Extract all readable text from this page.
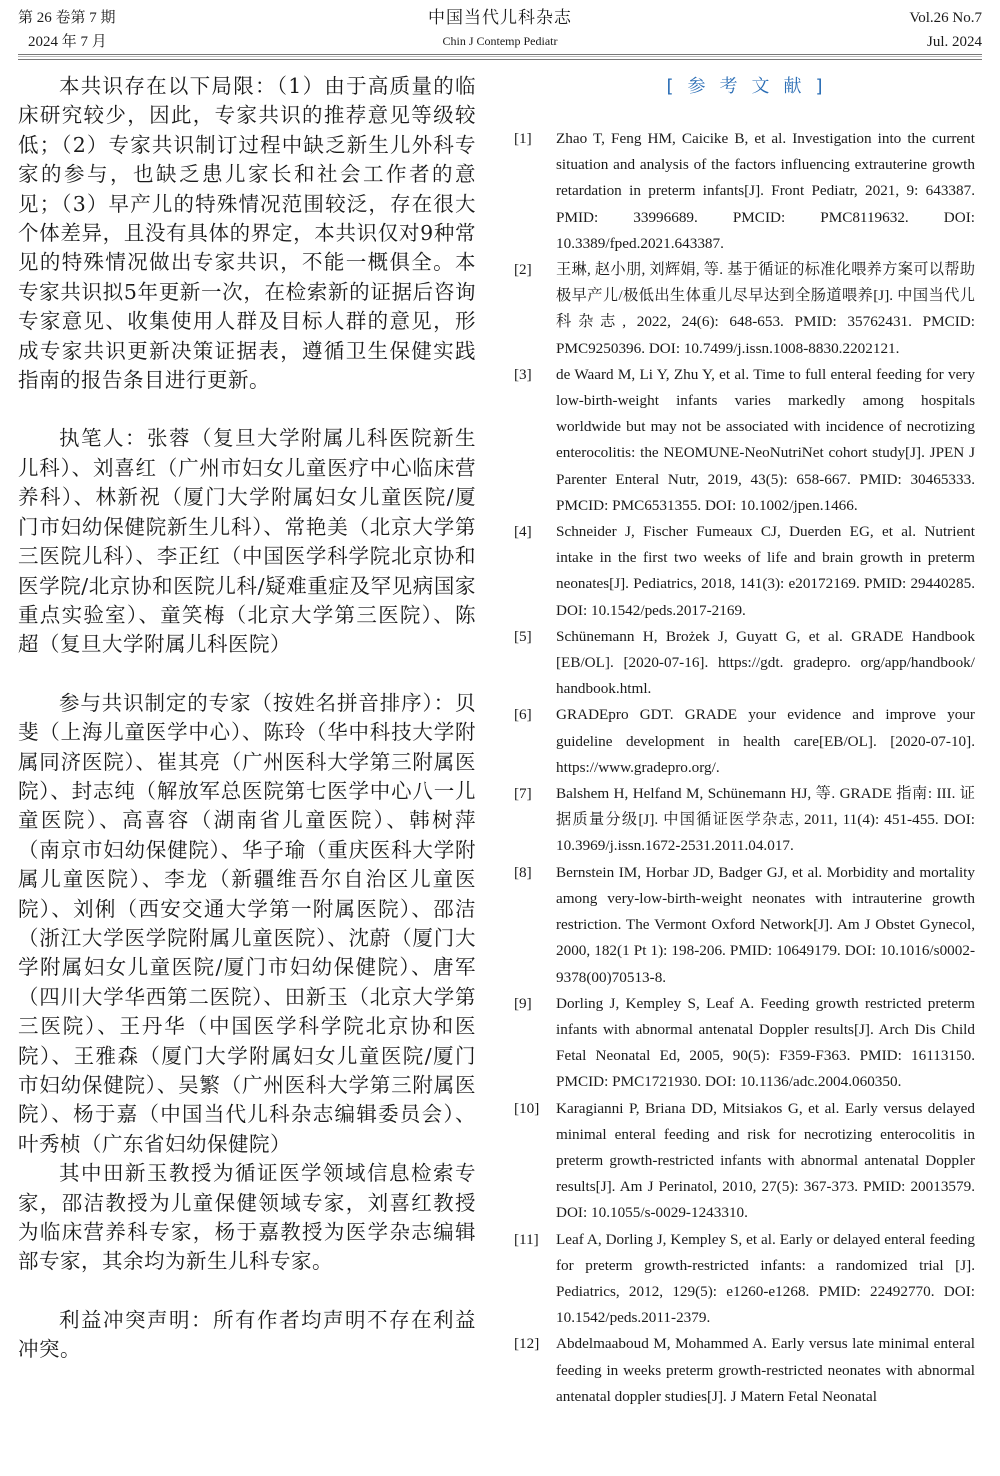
第 26 卷第 7 期
2024 年 7 月
中国当代儿科杂志
Chin J Contemp Pediatr
Vol.26 No.7
Jul. 2024

本共识存在以下局限：（1）由于高质量的临床研究较少，因此，专家共识的推荐意见等级较低；（2）专家共识制订过程中缺乏新生儿外科专家的参与，也缺乏患儿家长和社会工作者的意见；（3）早产儿的特殊情况范围较泛，存在很大个体差异，且没有具体的界定，本共识仅对9种常见的特殊情况做出专家共识，不能一概俱全。本专家共识拟5年更新一次，在检索新的证据后咨询专家意见、收集使用人群及目标人群的意见，形成专家共识更新决策证据表，遵循卫生保健实践指南的报告条目进行更新。

执笔人：张蓉（复旦大学附属儿科医院新生儿科）、刘喜红（广州市妇女儿童医疗中心临床营养科）、林新祝（厦门大学附属妇女儿童医院/厦门市妇幼保健院新生儿科）、常艳美（北京大学第三医院儿科）、李正红（中国医学科学院北京协和医学院/北京协和医院儿科/疑难重症及罕见病国家重点实验室）、童笑梅（北京大学第三医院）、陈超（复旦大学附属儿科医院）

参与共识制定的专家（按姓名拼音排序）：贝斐（上海儿童医学中心）、陈玲（华中科技大学附属同济医院）、崔其亮（广州医科大学第三附属医院）、封志纯（解放军总医院第七医学中心八一儿童医院）、高喜容（湖南省儿童医院）、韩树萍（南京市妇幼保健院）、华子瑜（重庆医科大学附属儿童医院）、李龙（新疆维吾尔自治区儿童医院）、刘俐（西安交通大学第一附属医院）、邵洁（浙江大学医学院附属儿童医院）、沈蔚（厦门大学附属妇女儿童医院/厦门市妇幼保健院）、唐军（四川大学华西第二医院）、田新玉（北京大学第三医院）、王丹华（中国医学科学院北京协和医院）、王雅森（厦门大学附属妇女儿童医院/厦门市妇幼保健院）、吴繁（广州医科大学第三附属医院）、杨于嘉（中国当代儿科杂志编辑委员会）、叶秀桢（广东省妇幼保健院）

其中田新玉教授为循证医学领域信息检索专家，邵洁教授为儿童保健领域专家，刘喜红教授为临床营养科专家，杨于嘉教授为医学杂志编辑部专家，其余均为新生儿科专家。

利益冲突声明：所有作者均声明不存在利益冲突。

[参考文献]
[1]	Zhao T, Feng HM, Caicike B, et al. Investigation into the current situation and analysis of the factors influencing extrauterine growth retardation in preterm infants[J]. Front Pediatr, 2021, 9: 643387. PMID: 33996689. PMCID: PMC8119632. DOI: 10.3389/fped.2021.643387.
[2]	王琳, 赵小朋, 刘辉娟, 等. 基于循证的标准化喂养方案可以帮助极早产儿/极低出生体重儿尽早达到全肠道喂养[J]. 中国当代儿科杂志, 2022, 24(6): 648-653. PMID: 35762431. PMCID: PMC9250396. DOI: 10.7499/j.issn.1008-8830.2202121.
[3]	de Waard M, Li Y, Zhu Y, et al. Time to full enteral feeding for very low-birth-weight infants varies markedly among hospitals worldwide but may not be associated with incidence of necrotizing enterocolitis: the NEOMUNE-NeoNutriNet cohort study[J]. JPEN J Parenter Enteral Nutr, 2019, 43(5): 658-667. PMID: 30465333. PMCID: PMC6531355. DOI: 10.1002/jpen.1466.
[4]	Schneider J, Fischer Fumeaux CJ, Duerden EG, et al. Nutrient intake in the first two weeks of life and brain growth in preterm neonates[J]. Pediatrics, 2018, 141(3): e20172169. PMID: 29440285. DOI: 10.1542/peds.2017-2169.
[5]	Schünemann H, Brożek J, Guyatt G, et al. GRADE Handbook [EB/OL]. [2020-07-16]. https://gdt. gradepro. org/app/handbook/ handbook.html.
[6]	GRADEpro GDT. GRADE your evidence and improve your guideline development in health care[EB/OL]. [2020-07-10]. https://www.gradepro.org/.
[7]	Balshem H, Helfand M, Schünemann HJ, 等. GRADE 指南: III. 证据质量分级[J]. 中国循证医学杂志, 2011, 11(4): 451-455. DOI: 10.3969/j.issn.1672-2531.2011.04.017.
[8]	Bernstein IM, Horbar JD, Badger GJ, et al. Morbidity and mortality among very-low-birth-weight neonates with intrauterine growth restriction. The Vermont Oxford Network[J]. Am J Obstet Gynecol, 2000, 182(1 Pt 1): 198-206. PMID: 10649179. DOI: 10.1016/s0002-9378(00)70513-8.
[9]	Dorling J, Kempley S, Leaf A. Feeding growth restricted preterm infants with abnormal antenatal Doppler results[J]. Arch Dis Child Fetal Neonatal Ed, 2005, 90(5): F359-F363. PMID: 16113150. PMCID: PMC1721930. DOI: 10.1136/adc.2004.060350.
[10]	Karagianni P, Briana DD, Mitsiakos G, et al. Early versus delayed minimal enteral feeding and risk for necrotizing enterocolitis in preterm growth-restricted infants with abnormal antenatal Doppler results[J]. Am J Perinatol, 2010, 27(5): 367-373. PMID: 20013579. DOI: 10.1055/s-0029-1243310.
[11]	Leaf A, Dorling J, Kempley S, et al. Early or delayed enteral feeding for preterm growth-restricted infants: a randomized trial [J]. Pediatrics, 2012, 129(5): e1260-e1268. PMID: 22492770. DOI: 10.1542/peds.2011-2379.
[12]	Abdelmaaboud M, Mohammed A. Early versus late minimal enteral feeding in weeks preterm growth-restricted neonates with abnormal antenatal doppler studies[J]. J Matern Fetal Neonatal
